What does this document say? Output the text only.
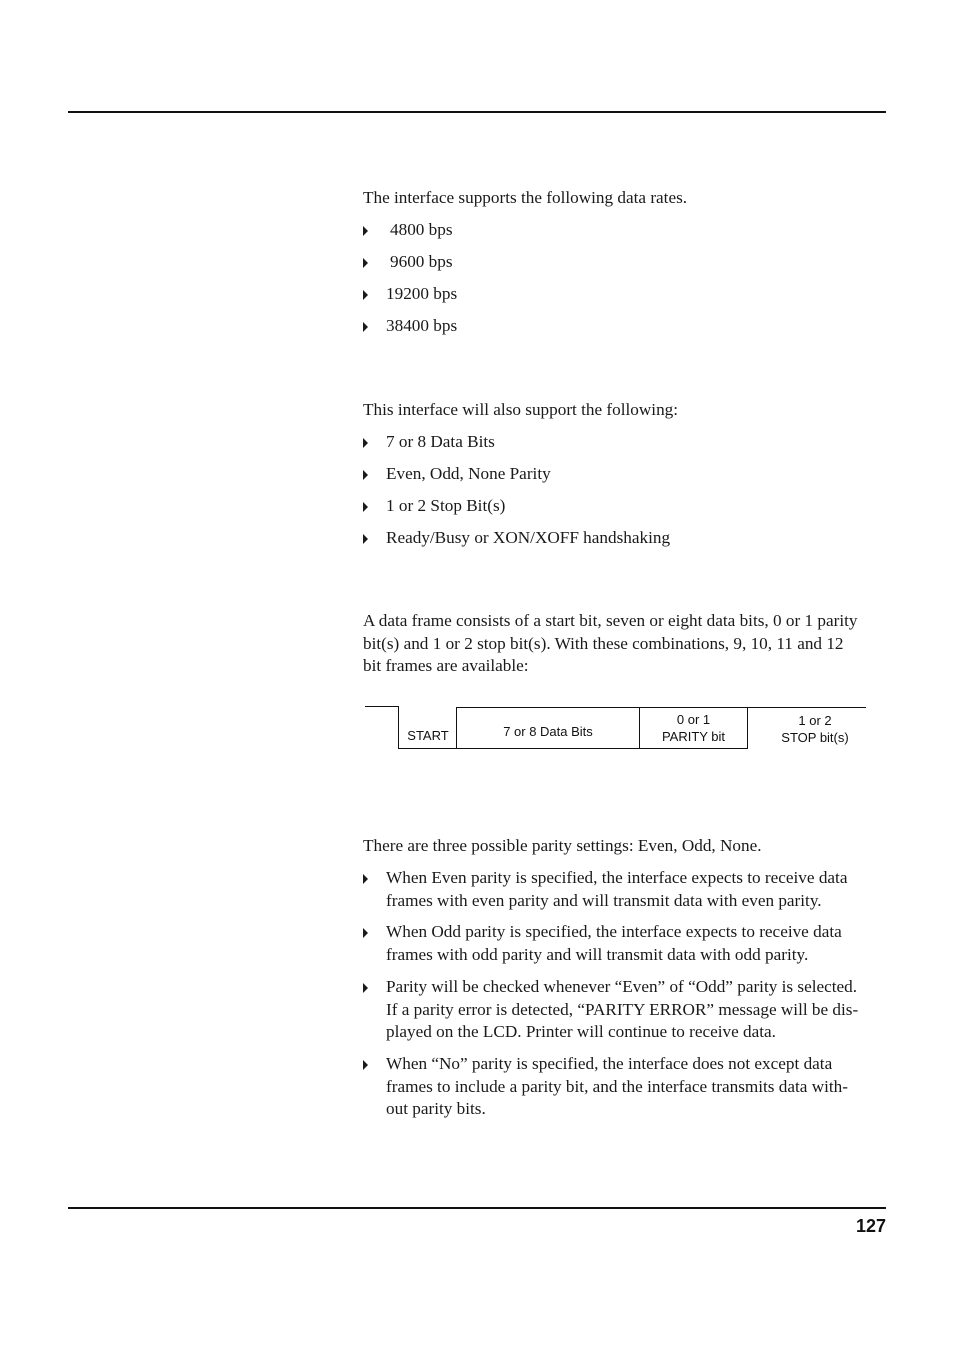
The interface supports the following data rates.

4800 bps
9600 bps
19200 bps
38400 bps

This interface will also support the following:

7 or 8 Data Bits
Even, Odd, None Parity
1 or 2 Stop Bit(s)
Ready/Busy or XON/XOFF handshaking
A data frame consists of a start bit, seven or eight data bits, 0 or 1 parity
bit(s) and 1 or 2 stop bit(s). With these combinations, 9, 10, 11 and 12
bit frames are available:

There are three possible parity settings: Even, Odd, None.

When Even parity is specified, the interface expects to receive data
frames with even parity and will transmit data with even parity.
When Odd parity is specified, the interface expects to receive data
frames with odd parity and will transmit data with odd parity.
Parity will be checked whenever “Even” of “Odd” parity is selected.
If a parity error is detected, “PARITY ERROR” message will be dis-
played on the LCD. Printer will continue to receive data.
When “No” parity is specified, the interface does not except data
frames to include a parity bit, and the interface transmits data with-
out parity bits.
START	7 or 8 Data Bits
0 or 1
PARITY bit
1 or 2
STOP bit(s)
127
